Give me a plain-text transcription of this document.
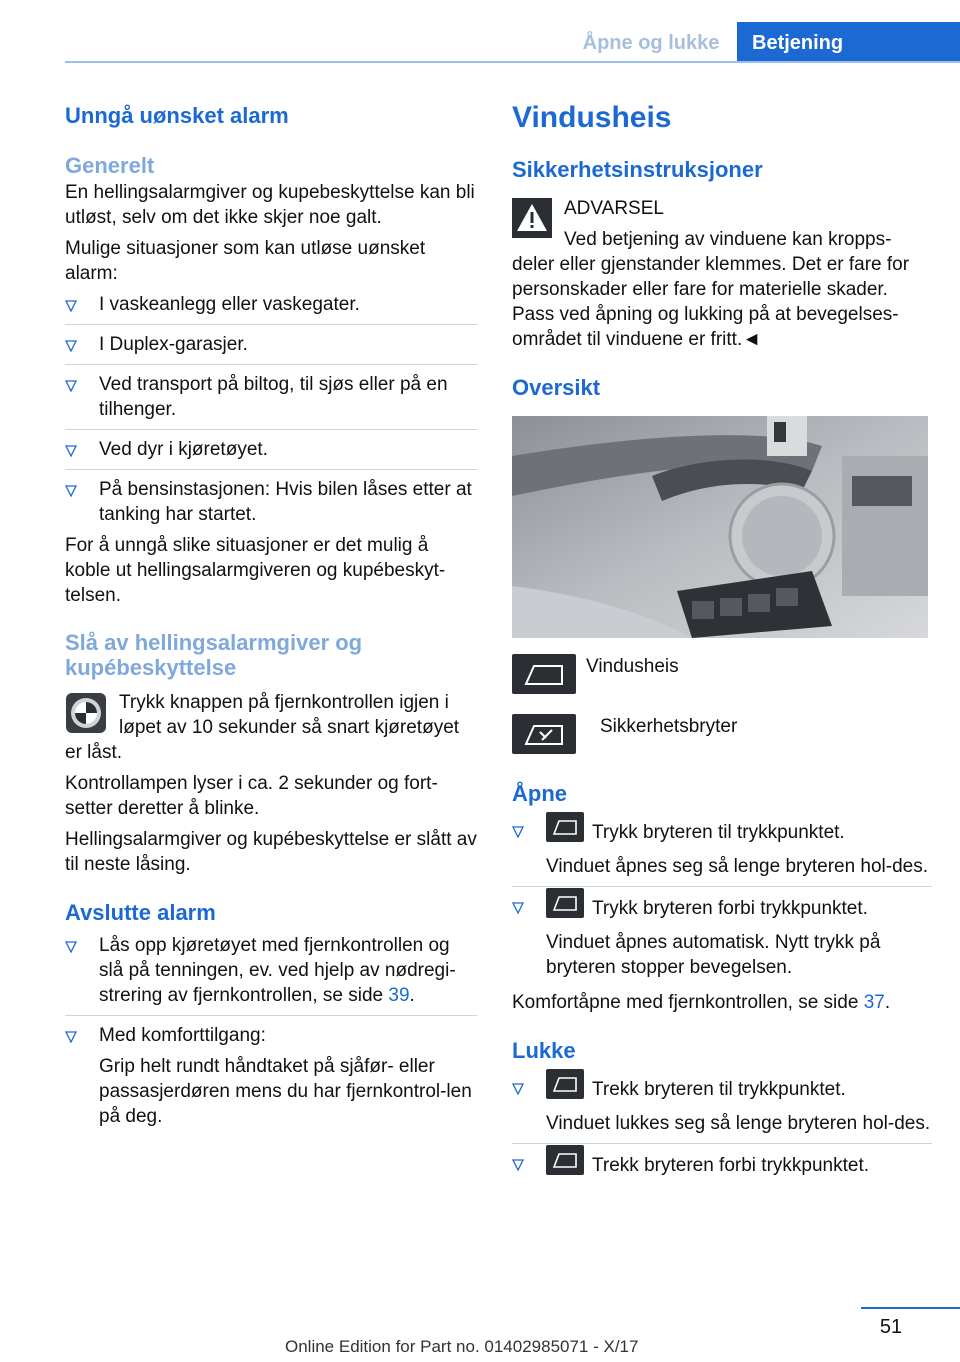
Åpne og lukke	Betjening
Unngå uønsket alarm
Generelt

En hellingsalarmgiver og kupebeskyttelse kan bli utløst, selv om det ikke skjer noe galt.

Mulige situasjoner som kan utløse uønsket alarm:

I vaskeanlegg eller vaskegater.
I Duplex-garasjer.
Ved transport på biltog, til sjøs eller på en tilhenger.
Ved dyr i kjøretøyet.
På bensinstasjonen: Hvis bilen låses etter at tanking har startet.

For å unngå slike situasjoner er det mulig å koble ut hellingsalarmgiveren og kupébeskyt‐telsen.

Slå av hellingsalarmgiver og kupébeskyttelse

Trykk knappen på fjernkontrollen igjen i løpet av 10 sekunder så snart kjøretøyet er låst.

Kontrollampen lyser i ca. 2 sekunder og fort‐setter deretter å blinke.

Hellingsalarmgiver og kupébeskyttelse er slått av til neste låsing.

Avslutte alarm
Lås opp kjøretøyet med fjernkontrollen og slå på tenningen, ev. ved hjelp av nødregi‐strering av fjernkontrollen, se side 39.
Med komforttilgang:
Grip helt rundt håndtaket på sjåfør- eller passasjerdøren mens du har fjernkontrol‐len på deg.
Vindusheis
Sikkerhetsinstruksjoner

ADVARSEL

Ved betjening av vinduene kan kropps‐deler eller gjenstander klemmes. Det er fare for personskader eller fare for materielle skader. Pass ved åpning og lukking på at bevegelses‐området til vinduene er fritt.◄

Oversikt
Vindusheis
Sikkerhetsbryter
Åpne
Trykk bryteren til trykkpunktet.
Vinduet åpnes seg så lenge bryteren hol‐des.
Trykk bryteren forbi trykkpunktet.
Vinduet åpnes automatisk. Nytt trykk på bryteren stopper bevegelsen.

Komfortåpne med fjernkontrollen, se side 37.

Lukke
Trekk bryteren til trykkpunktet.
Vinduet lukkes seg så lenge bryteren hol‐des.
Trekk bryteren forbi trykkpunktet.
51
Online Edition for Part no. 01402985071 - X/17
